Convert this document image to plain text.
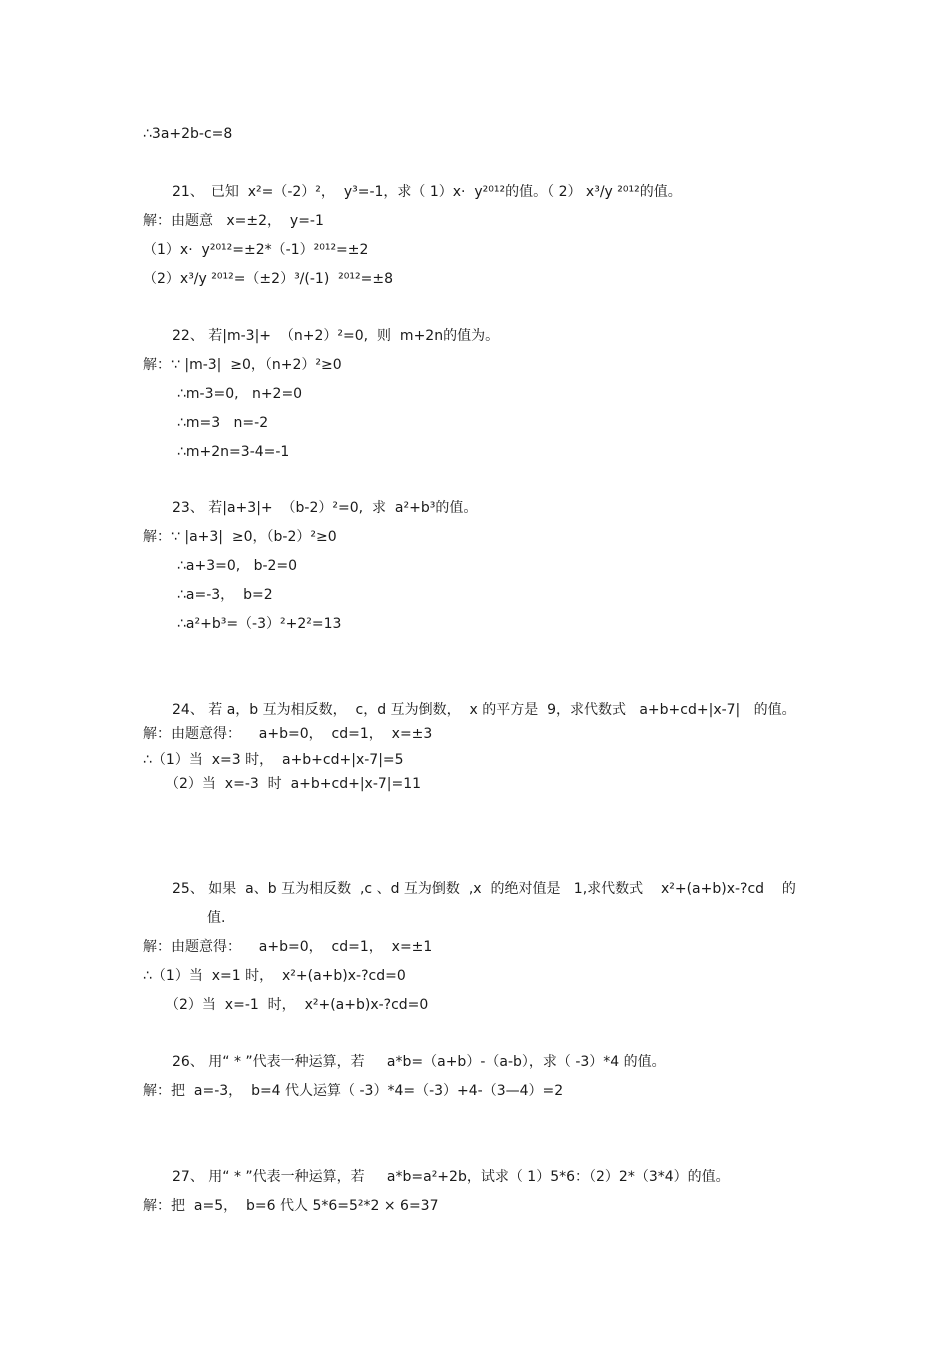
∴3a+2b-c=8
21、　已知  x²=（-2）²，  y³=-1，求（ 1）x·  y²⁰¹²的值。（ 2） x³/y ²⁰¹²的值。
解：由题意   x=±2，  y=-1
（1）x·  y²⁰¹²=±2*（-1）²⁰¹²=±2
（2）x³/y ²⁰¹²=（±2）³/(-1)  ²⁰¹²=±8
22、 若|m-3|+  （n+2）²=0,  则  m+2n的值为。
解：∵ |m-3|  ≥0，（n+2）²≥0
∴m-3=0,   n+2=0
∴m=3   n=-2
∴m+2n=3-4=-1
23、 若|a+3|+  （b-2）²=0,  求  a²+b³的值。
解：∵ |a+3|  ≥0，（b-2）²≥0
∴a+3=0,   b-2=0
∴a=-3，  b=2
∴a²+b³=（-3）²+2²=13
24、 若 a，b 互为相反数，  c，d 互为倒数，  x 的平方是  9，求代数式   a+b+cd+|x-7|   的值。
解：由题意得：    a+b=0，  cd=1，  x=±3
∴（1）当  x=3 时，  a+b+cd+|x-7|=5
（2）当  x=-3  时  a+b+cd+|x-7|=11
25、 如果  a、b 互为相反数  ,c 、d 互为倒数  ,x  的绝对值是   1,求代数式    x²+(a+b)x-?cd    的
值.
解：由题意得：    a+b=0，  cd=1，  x=±1
∴（1）当  x=1 时，  x²+(a+b)x-?cd=0
（2）当  x=-1  时，  x²+(a+b)x-?cd=0
26、 用“ * ”代表一种运算，若     a*b=（a+b）-（a-b），求（ -3）*4 的值。
解：把  a=-3，  b=4 代人运算（ -3）*4=（-3）+4-（3—4）=2
27、 用“ * ”代表一种运算，若     a*b=a²+2b，试求（ 1）5*6：（2）2*（3*4）的值。
解：把  a=5，  b=6 代人 5*6=5²*2 × 6=37
